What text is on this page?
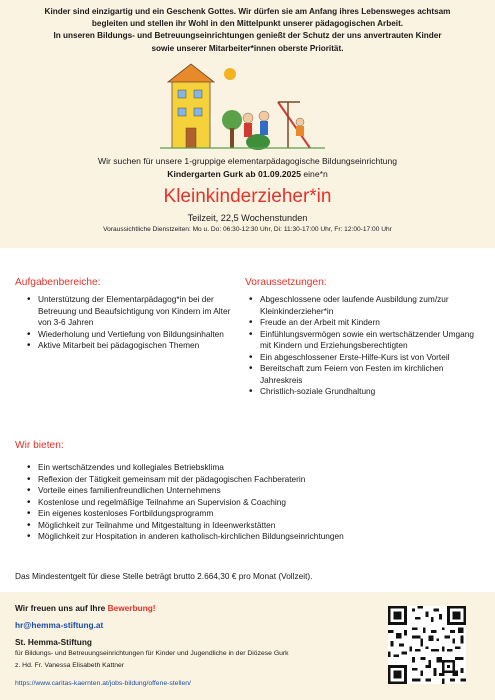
Kinder sind einzigartig und ein Geschenk Gottes. Wir dürfen sie am Anfang ihres Lebensweges achtsam
begleiten und stellen ihr Wohl in den Mittelpunkt unserer pädagogischen Arbeit.
In unseren Bildungs- und Betreuungseinrichtungen genießt der Schutz der uns anvertrauten Kinder
sowie unserer Mitarbeiter*innen oberste Priorität.
Wir suchen für unsere 1-gruppige elementarpädagogische Bildungseinrichtung
Kindergarten Gurk ab 01.09.2025 eine*n
Kleinkinderzieher*in
Teilzeit, 22,5 Wochenstunden
Voraussichtliche Dienstzeiten: Mo u. Do: 06:30-12:30 Uhr, Di: 11:30-17:00 Uhr, Fr: 12:00-17:00 Uhr
Aufgabenbereiche:
• Unterstützung der Elementarpädagog*in bei der Betreuung und Beaufsichtigung von Kindern im Alter von 3-6 Jahren
• Wiederholung und Vertiefung von Bildungsinhalten
• Aktive Mitarbeit bei pädagogischen Themen
Voraussetzungen:
• Abgeschlossene oder laufende Ausbildung zum/zur Kleinkinderzieher*in
• Freude an der Arbeit mit Kindern
• Einfühlungsvermögen sowie ein wertschätzender Umgang mit Kindern und Erziehungsberechtigten
• Ein abgeschlossener Erste-Hilfe-Kurs ist von Vorteil
• Bereitschaft zum Feiern von Festen im kirchlichen Jahreskreis
• Christlich-soziale Grundhaltung
Wir bieten:
• Ein wertschätzendes und kollegiales Betriebsklima
• Reflexion der Tätigkeit gemeinsam mit der pädagogischen Fachberaterin
• Vorteile eines familienfreundlichen Unternehmens
• Kostenlose und regelmäßige Teilnahme an Supervision & Coaching
• Ein eigenes kostenloses Fortbildungsprogramm
• Möglichkeit zur Teilnahme und Mitgestaltung in Ideenwerkstätten
• Möglichkeit zur Hospitation in anderen katholisch-kirchlichen Bildungseinrichtungen
Das Mindestentgelt für diese Stelle beträgt brutto 2.664,30 € pro Monat (Vollzeit).
Wir freuen uns auf Ihre Bewerbung!
hr@hemma-stiftung.at
St. Hemma-Stiftung
für Bildungs- und Betreuungseinrichtungen für Kinder und Jugendliche in der Diözese Gurk
z. Hd. Fr. Vanessa Elisabeth Kattner
https://www.caritas-kaernten.at/jobs-bildung/offene-stellen/
